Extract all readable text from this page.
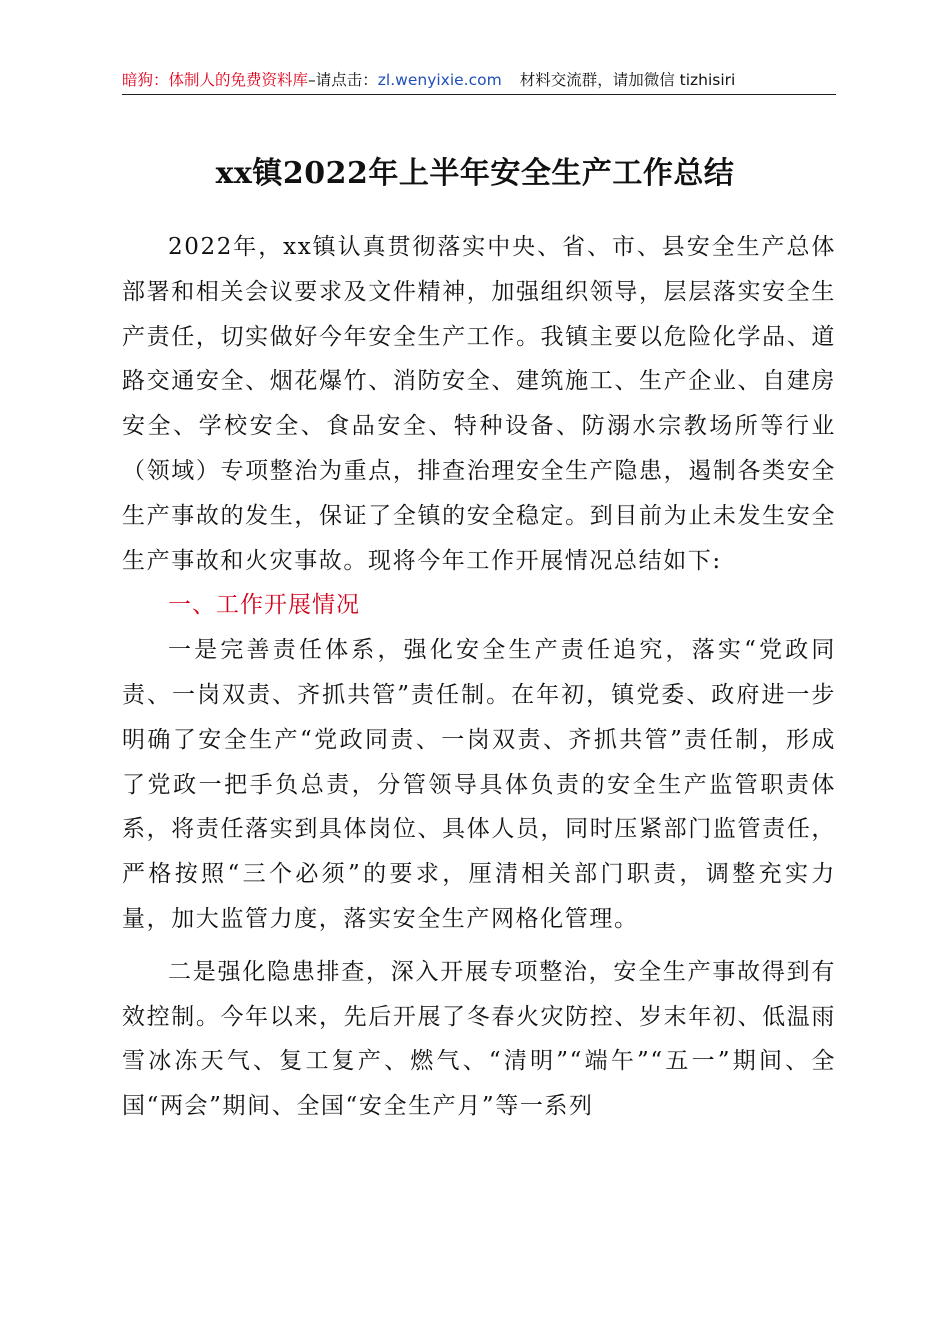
暗狗：体制人的免费资料库–请点击：zl.wenyixie.com 材料交流群，请加微信 tizhisiri
xx镇2022年上半年安全生产工作总结

2022年，xx镇认真贯彻落实中央、省、市、县安全生产总体部署和相关会议要求及文件精神，加强组织领导，层层落实安全生产责任，切实做好今年安全生产工作。我镇主要以危险化学品、道路交通安全、烟花爆竹、消防安全、建筑施工、生产企业、自建房安全、学校安全、食品安全、特种设备、防溺水宗教场所等行业（领域）专项整治为重点，排查治理安全生产隐患，遏制各类安全生产事故的发生，保证了全镇的安全稳定。到目前为止未发生安全生产事故和火灾事故。现将今年工作开展情况总结如下:

一、工作开展情况

一是完善责任体系，强化安全生产责任追究，落实“党政同责、一岗双责、齐抓共管”责任制。在年初，镇党委、政府进一步明确了安全生产“党政同责、一岗双责、齐抓共管”责任制，形成了党政一把手负总责，分管领导具体负责的安全生产监管职责体系，将责任落实到具体岗位、具体人员，同时压紧部门监管责任，严格按照“三个必须”的要求，厘清相关部门职责，调整充实力量，加大监管力度，落实安全生产网格化管理。

二是强化隐患排查，深入开展专项整治，安全生产事故得到有效控制。今年以来，先后开展了冬春火灾防控、岁末年初、低温雨雪冰冻天气、复工复产、燃气、“清明”“端午”“五一”期间、全国“两会”期间、全国“安全生产月”等一系列
